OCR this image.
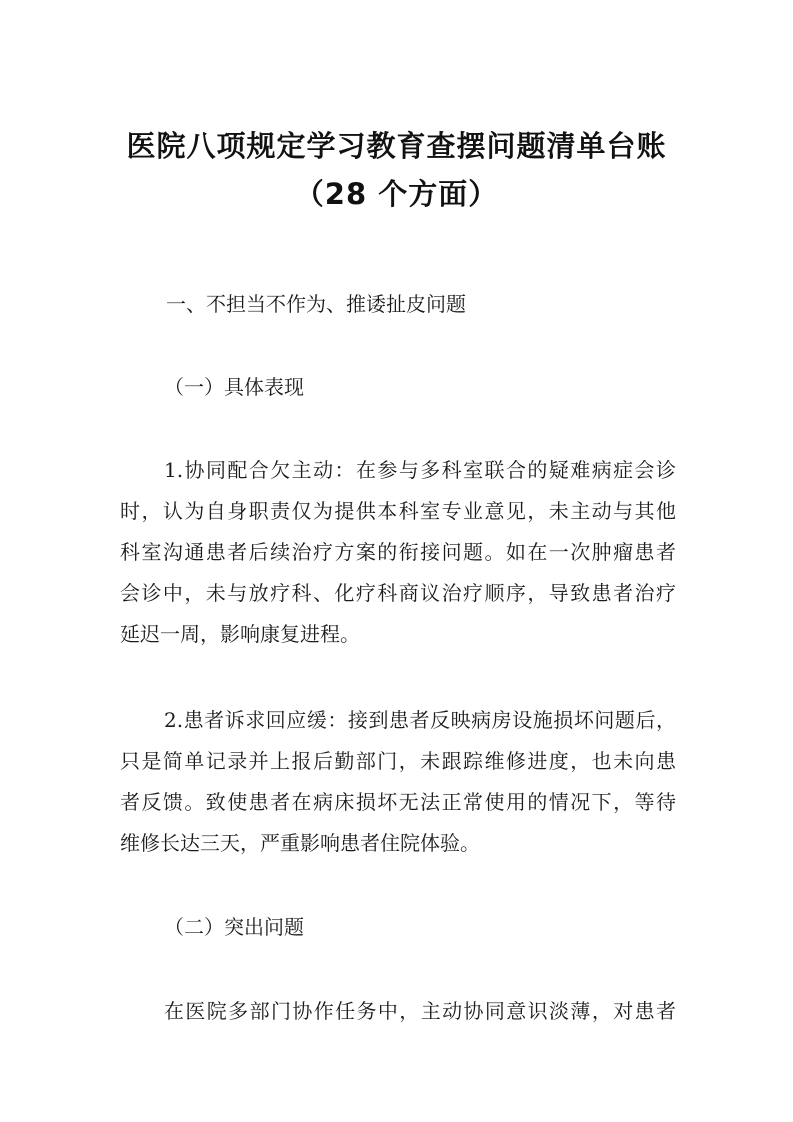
医院八项规定学习教育查摆问题清单台账
（28 个方面）
一、不担当不作为、推诿扯皮问题
（一）具体表现
1.协同配合欠主动：在参与多科室联合的疑难病症会诊
时，认为自身职责仅为提供本科室专业意见，未主动与其他
科室沟通患者后续治疗方案的衔接问题。如在一次肿瘤患者
会诊中，未与放疗科、化疗科商议治疗顺序，导致患者治疗
延迟一周，影响康复进程。
2.患者诉求回应缓：接到患者反映病房设施损坏问题后，
只是简单记录并上报后勤部门，未跟踪维修进度，也未向患
者反馈。致使患者在病床损坏无法正常使用的情况下，等待
维修长达三天，严重影响患者住院体验。
（二）突出问题
在医院多部门协作任务中，主动协同意识淡薄，对患者
